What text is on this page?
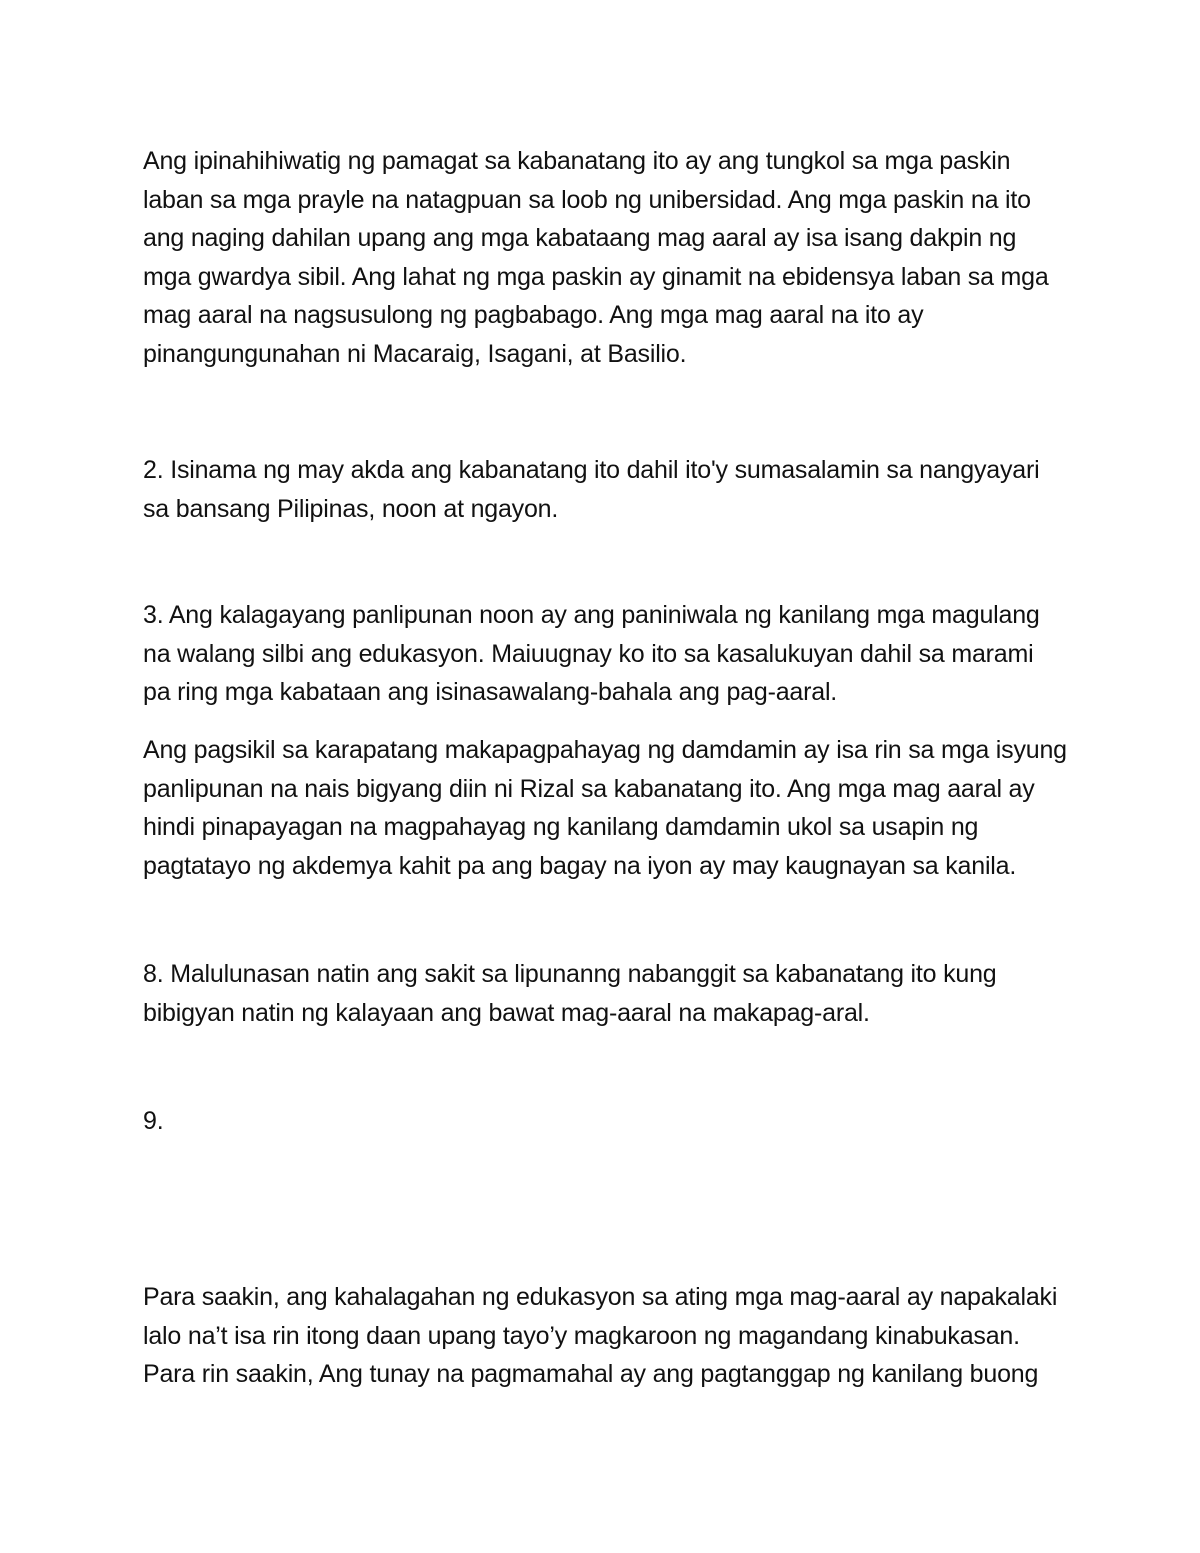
Ang ipinahihiwatig ng pamagat sa kabanatang ito ay ang tungkol sa mga paskin
laban sa mga prayle na natagpuan sa loob ng unibersidad. Ang mga paskin na ito
ang naging dahilan upang ang mga kabataang mag aaral ay isa isang dakpin ng
mga gwardya sibil. Ang lahat ng mga paskin ay ginamit na ebidensya laban sa mga
mag aaral na nagsusulong ng pagbabago. Ang mga mag aaral na ito ay
pinangungunahan ni Macaraig, Isagani, at Basilio.

2. Isinama ng may akda ang kabanatang ito dahil ito'y sumasalamin sa nangyayari
sa bansang Pilipinas, noon at ngayon.

3. Ang kalagayang panlipunan noon ay ang paniniwala ng kanilang mga magulang
na walang silbi ang edukasyon. Maiuugnay ko ito sa kasalukuyan dahil sa marami
pa ring mga kabataan ang isinasawalang-bahala ang pag-aaral.

Ang pagsikil sa karapatang makapagpahayag ng damdamin ay isa rin sa mga isyung
panlipunan na nais bigyang diin ni Rizal sa kabanatang ito. Ang mga mag aaral ay
hindi pinapayagan na magpahayag ng kanilang damdamin ukol sa usapin ng
pagtatayo ng akdemya kahit pa ang bagay na iyon ay may kaugnayan sa kanila.

8. Malulunasan natin ang sakit sa lipunanng nabanggit sa kabanatang ito kung
bibigyan natin ng kalayaan ang bawat mag-aaral na makapag-aral.

9.

Para saakin, ang kahalagahan ng edukasyon sa ating mga mag-aaral ay napakalaki
lalo na’t isa rin itong daan upang tayo’y magkaroon ng magandang kinabukasan.
Para rin saakin, Ang tunay na pagmamahal ay ang pagtanggap ng kanilang buong
